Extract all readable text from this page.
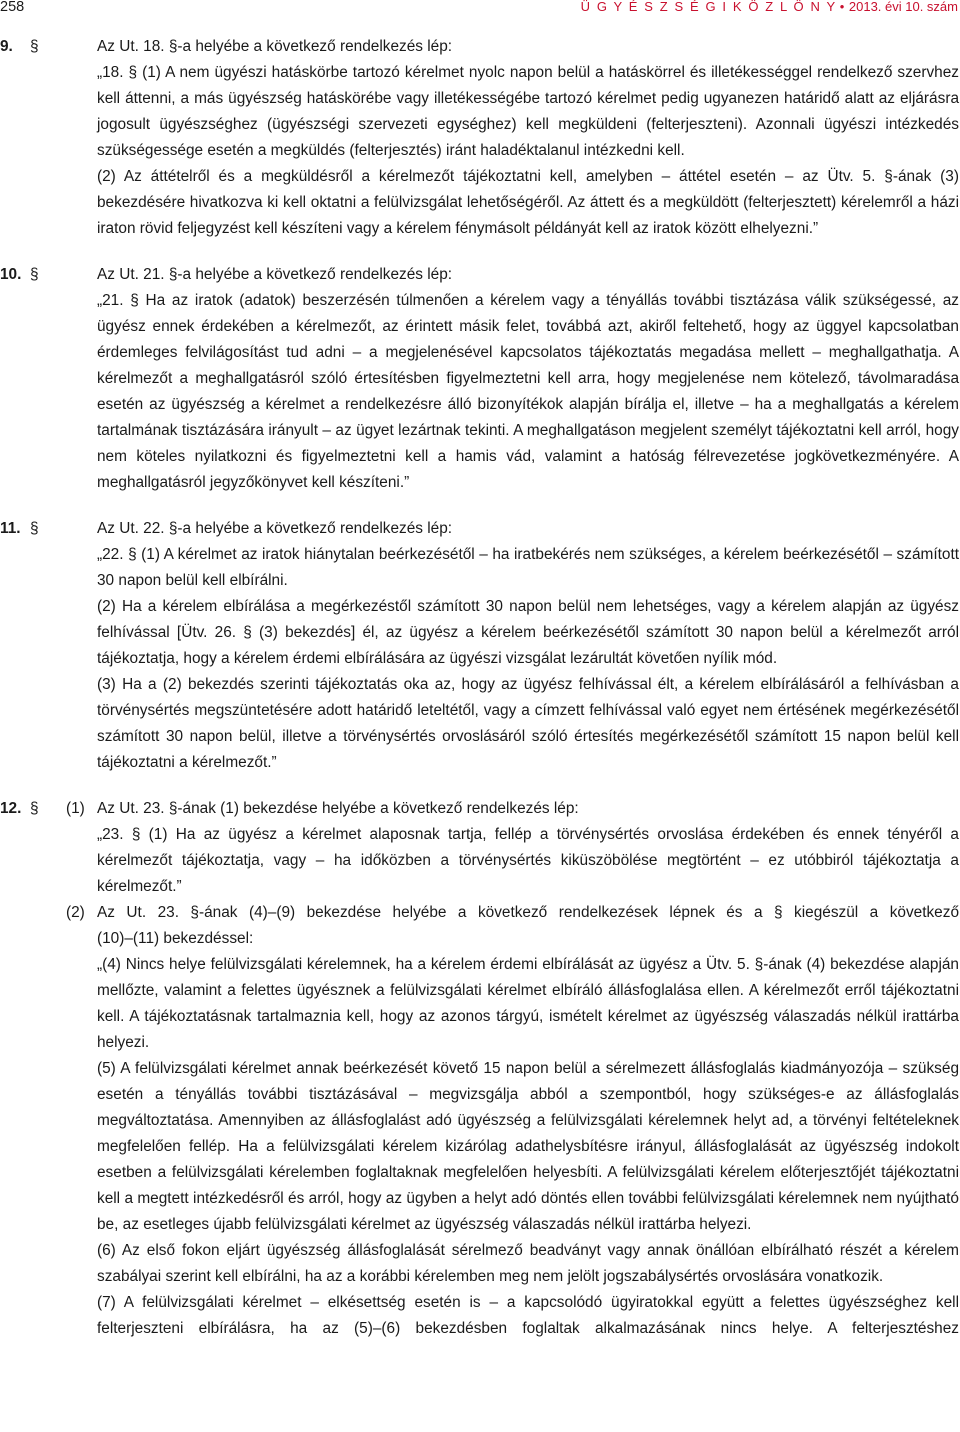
258	Ü G Y É S Z S É G I K Ö Z L Ö N Y • 2013. évi 10. szám
9. §	Az Ut. 18. §-a helyébe a következő rendelkezés lép:

„18. § (1) A nem ügyészi hatáskörbe tartozó kérelmet nyolc napon belül a hatáskörrel és illetékességgel rendelkező szervhez kell áttenni, a más ügyészség hatáskörébe vagy illetékességébe tartozó kérelmet pedig ugyanezen határidő alatt az eljárásra jogosult ügyészséghez (ügyészségi szervezeti egységhez) kell megküldeni (felterjeszteni). Azonnali ügyészi intézkedés szükségessége esetén a megküldés (felterjesztés) iránt haladéktalanul intézkedni kell.

(2) Az áttételről és a megküldésről a kérelmezőt tájékoztatni kell, amelyben – áttétel esetén – az Ütv. 5. §-ának (3) bekezdésére hivatkozva ki kell oktatni a felülvizsgálat lehetőségéről. Az áttett és a megküldött (felterjesztett) kérelemről a házi iraton rövid feljegyzést kell készíteni vagy a kérelem fénymásolt példányát kell az iratok között elhelyezni.”

10. §	Az Ut. 21. §-a helyébe a következő rendelkezés lép:

„21. § Ha az iratok (adatok) beszerzésén túlmenően a kérelem vagy a tényállás további tisztázása válik szükségessé, az ügyész ennek érdekében a kérelmezőt, az érintett másik felet, továbbá azt, akiről feltehető, hogy az üggyel kapcsolatban érdemleges felvilágosítást tud adni – a megjelenésével kapcsolatos tájékoztatás megadása mellett – meghallgathatja. A kérelmezőt a meghallgatásról szóló értesítésben figyelmeztetni kell arra, hogy megjelenése nem kötelező, távolmaradása esetén az ügyészség a kérelmet a rendelkezésre álló bizonyítékok alapján bírálja el, illetve – ha a meghallgatás a kérelem tartalmának tisztázására irányult – az ügyet lezártnak tekinti. A meghallgatáson megjelent személyt tájékoztatni kell arról, hogy nem köteles nyilatkozni és figyelmeztetni kell a hamis vád, valamint a hatóság félrevezetése jogkövetkezményére. A meghallgatásról jegyzőkönyvet kell készíteni.”

11. §	Az Ut. 22. §-a helyébe a következő rendelkezés lép:

„22. § (1) A kérelmet az iratok hiánytalan beérkezésétől – ha iratbekérés nem szükséges, a kérelem beérkezésétől – számított 30 napon belül kell elbírálni.

(2) Ha a kérelem elbírálása a megérkezéstől számított 30 napon belül nem lehetséges, vagy a kérelem alapján az ügyész felhívással [Ütv. 26. § (3) bekezdés] él, az ügyész a kérelem beérkezésétől számított 30 napon belül a kérelmezőt arról tájékoztatja, hogy a kérelem érdemi elbírálására az ügyészi vizsgálat lezárultát követően nyílik mód.

(3) Ha a (2) bekezdés szerinti tájékoztatás oka az, hogy az ügyész felhívással élt, a kérelem elbírálásáról a felhívásban a törvénysértés megszüntetésére adott határidő leteltétől, vagy a címzett felhívással való egyet nem értésének megérkezésétől számított 30 napon belül, illetve a törvénysértés orvoslásáról szóló értesítés megérkezésétől számított 15 napon belül kell tájékoztatni a kérelmezőt.”

12. § (1) Az Ut. 23. §-ának (1) bekezdése helyébe a következő rendelkezés lép:

„23. § (1) Ha az ügyész a kérelmet alaposnak tartja, fellép a törvénysértés orvoslása érdekében és ennek tényéről a kérelmezőt tájékoztatja, vagy – ha időközben a törvénysértés kiküszöbölése megtörtént – ez utóbbiról tájékoztatja a kérelmezőt.”

(2) Az Ut. 23. §-ának (4)–(9) bekezdése helyébe a következő rendelkezések lépnek és a § kiegészül a következő

(10)–(11) bekezdéssel:

„(4) Nincs helye felülvizsgálati kérelemnek, ha a kérelem érdemi elbírálását az ügyész a Ütv. 5. §-ának (4) bekezdése alapján mellőzte, valamint a felettes ügyésznek a felülvizsgálati kérelmet elbíráló állásfoglalása ellen. A kérelmezőt erről tájékoztatni kell. A tájékoztatásnak tartalmaznia kell, hogy az azonos tárgyú, ismételt kérelmet az ügyészség válaszadás nélkül irattárba helyezi.

(5) A felülvizsgálati kérelmet annak beérkezését követő 15 napon belül a sérelmezett állásfoglalás kiadmányozója – szükség esetén a tényállás további tisztázásával – megvizsgálja abból a szempontból, hogy szükséges-e az állásfoglalás megváltoztatása. Amennyiben az állásfoglalást adó ügyészség a felülvizsgálati kérelemnek helyt ad, a törvényi feltételeknek megfelelően fellép. Ha a felülvizsgálati kérelem kizárólag adathelysbítésre irányul, állásfoglalását az ügyészség indokolt esetben a felülvizsgálati kérelemben foglaltaknak megfelelően helyesbíti. A felülvizsgálati kérelem előterjesztőjét tájékoztatni kell a megtett intézkedésről és arról, hogy az ügyben a helyt adó döntés ellen további felülvizsgálati kérelemnek nem nyújtható be, az esetleges újabb felülvizsgálati kérelmet az ügyészség válaszadás nélkül irattárba helyezi.

(6) Az első fokon eljárt ügyészség állásfoglalását sérelmező beadványt vagy annak önállóan elbírálható részét a kérelem szabályai szerint kell elbírálni, ha az a korábbi kérelemben meg nem jelölt jogszabálysértés orvoslására vonatkozik.

(7) A felülvizsgálati kérelmet – elkésettség esetén is – a kapcsolódó ügyiratokkal együtt a felettes ügyészséghez kell felterjeszteni elbírálásra, ha az (5)–(6) bekezdésben foglaltak alkalmazásának nincs helye. A felterjesztéshez
